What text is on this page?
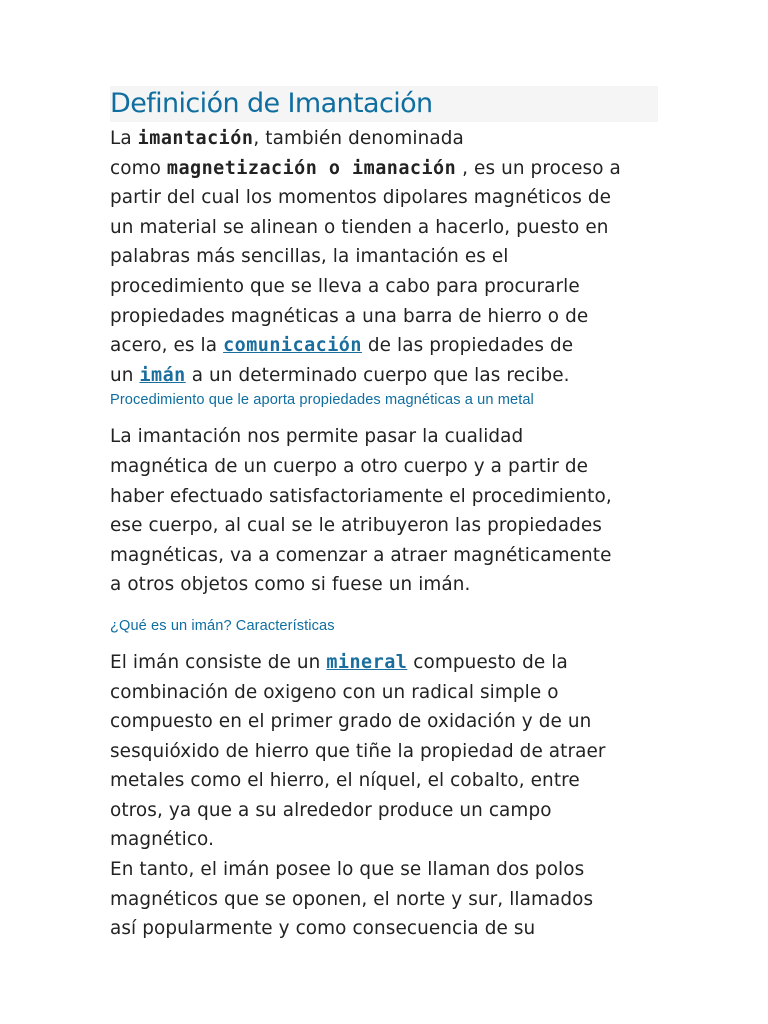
Definición de Imantación

La imantación, también denominada
como magnetización o imanación , es un proceso a
partir del cual los momentos dipolares magnéticos de
un material se alinean o tienden a hacerlo, puesto en
palabras más sencillas, la imantación es el
procedimiento que se lleva a cabo para procurarle
propiedades magnéticas a una barra de hierro o de
acero, es la comunicación de las propiedades de
un imán a un determinado cuerpo que las recibe.

Procedimiento que le aporta propiedades magnéticas a un metal

La imantación nos permite pasar la cualidad
magnética de un cuerpo a otro cuerpo y a partir de
haber efectuado satisfactoriamente el procedimiento,
ese cuerpo, al cual se le atribuyeron las propiedades
magnéticas, va a comenzar a atraer magnéticamente
a otros objetos como si fuese un imán.

¿Qué es un imán? Características

El imán consiste de un mineral compuesto de la
combinación de oxigeno con un radical simple o
compuesto en el primer grado de oxidación y de un
sesquióxido de hierro que tiñe la propiedad de atraer
metales como el hierro, el níquel, el cobalto, entre
otros, ya que a su alrededor produce un campo
magnético.
En tanto, el imán posee lo que se llaman dos polos
magnéticos que se oponen, el norte y sur, llamados
así popularmente y como consecuencia de su
